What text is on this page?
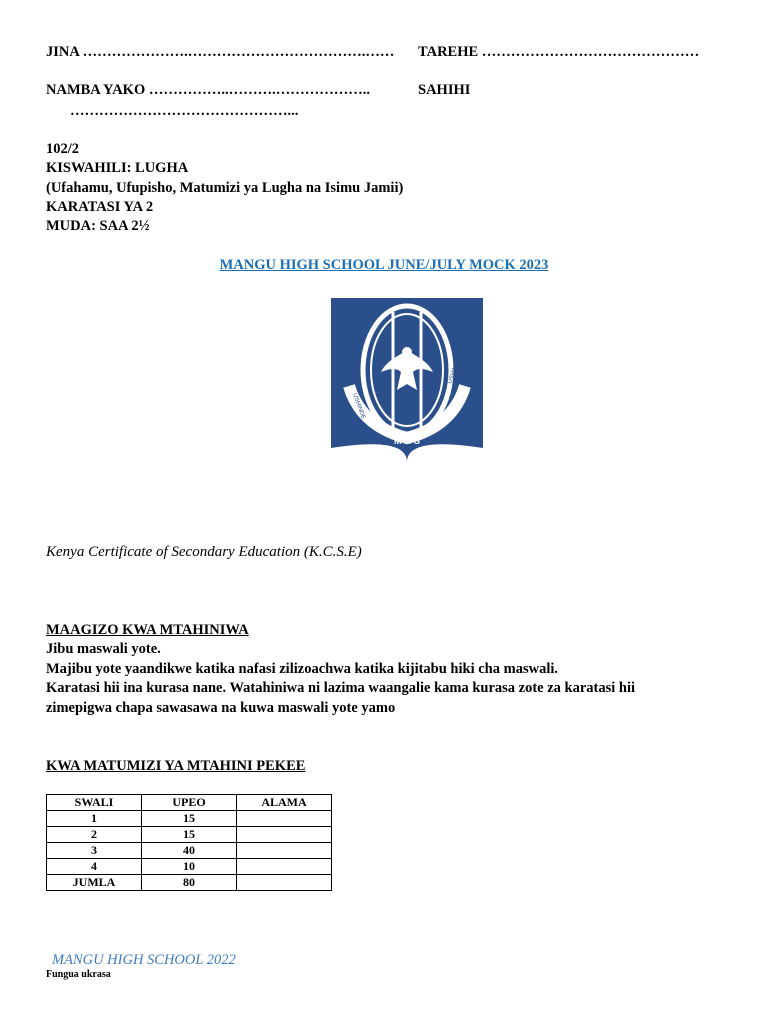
JINA ………………….……………………………….…… TAREHE ………………………………………
NAMBA YAKO ……………..……….………………..	SAHIHI
………………………………………...
102/2
KISWAHILI: LUGHA
(Ufahamu, Ufupisho, Matumizi ya Lugha na Isimu Jamii)
KARATASI YA 2
MUDA: SAA 2½
MANGU HIGH SCHOOL JUNE/JULY MOCK 2023
M·H·S
USHINDE
USHINDE
Kenya Certificate of Secondary Education (K.C.S.E)
MAAGIZO KWA MTAHINIWA
Jibu maswali yote.
Majibu yote yaandikwe katika nafasi zilizoachwa katika kijitabu hiki cha maswali.
Karatasi hii ina kurasa nane. Watahiniwa ni lazima waangalie kama kurasa zote za karatasi hii
zimepigwa chapa sawasawa na kuwa maswali yote yamo
KWA MATUMIZI YA MTAHINI PEKEE
SWALI	UPEO	ALAMA
1	15	
2	15	
3	40	
4	10	
JUMLA	80	
MANGU HIGH SCHOOL 2022
Fungua ukrasa
